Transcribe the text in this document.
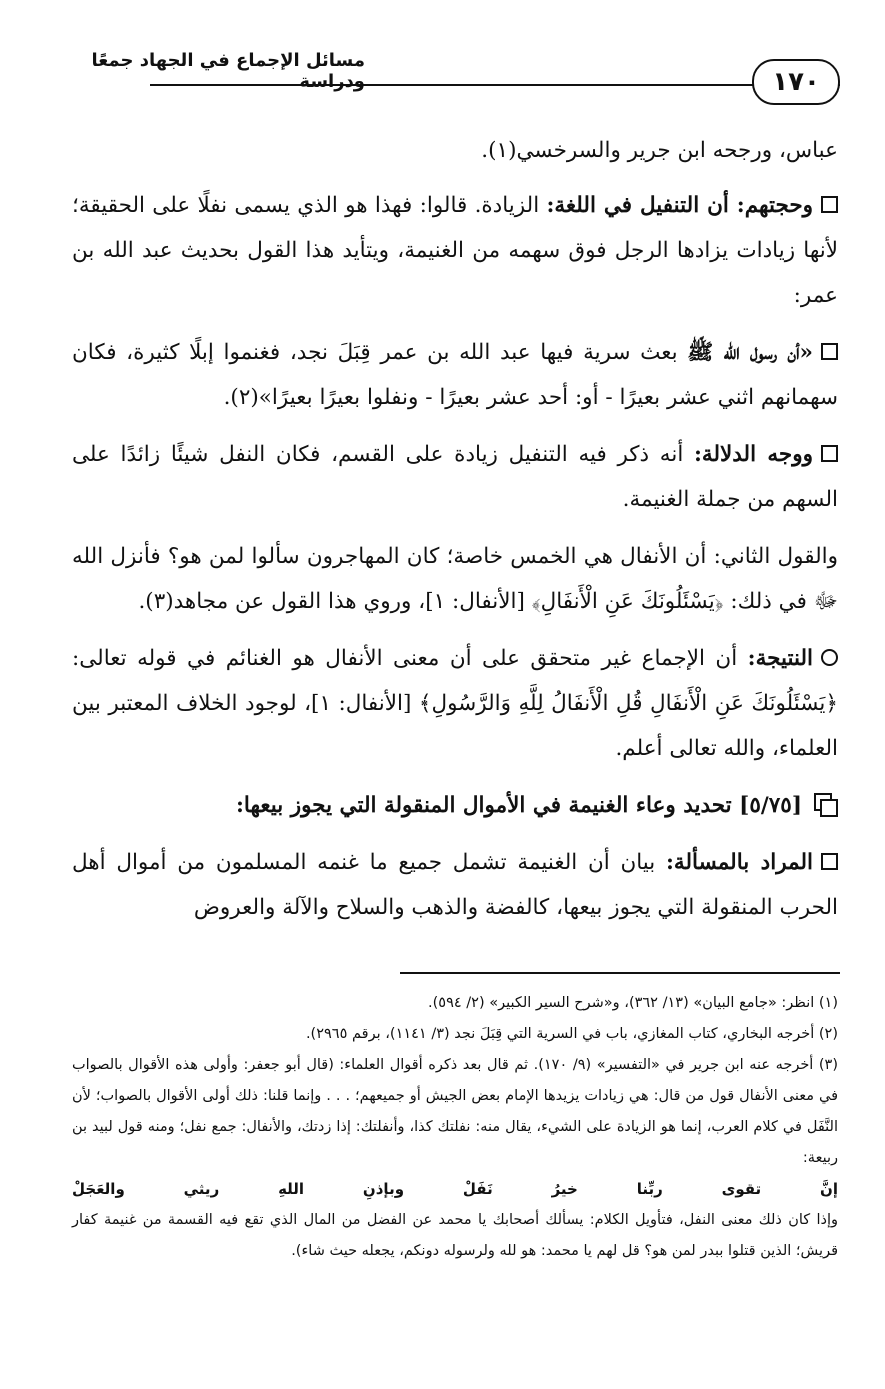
مسائل الإجماع في الجهاد جمعًا ودراسة	١٧٠

عباس، ورجحه ابن جرير والسرخسي(١).

وحجتهم: أن التنفيل في اللغة: الزيادة. قالوا: فهذا هو الذي يسمى نفلًا على الحقيقة؛ لأنها زيادات يزادها الرجل فوق سهمه من الغنيمة، ويتأيد هذا القول بحديث عبد الله بن عمر:

«أن رسول الله ﷺ بعث سرية فيها عبد الله بن عمر قِبَلَ نجد، فغنموا إبلًا كثيرة، فكان سهمانهم اثني عشر بعيرًا - أو: أحد عشر بعيرًا - ونفلوا بعيرًا بعيرًا»(٢).

ووجه الدلالة: أنه ذكر فيه التنفيل زيادة على القسم، فكان النفل شيئًا زائدًا على السهم من جملة الغنيمة.

والقول الثاني: أن الأنفال هي الخمس خاصة؛ كان المهاجرون سألوا لمن هو؟ فأنزل الله ﷻ في ذلك: ﴿يَسْئَلُونَكَ عَنِ الْأَنفَالِ﴾ [الأنفال: ١]، وروي هذا القول عن مجاهد(٣).

النتيجة: أن الإجماع غير متحقق على أن معنى الأنفال هو الغنائم في قوله تعالى: ﴿يَسْئَلُونَكَ عَنِ الْأَنفَالِ قُلِ الْأَنفَالُ لِلَّهِ وَالرَّسُولِ﴾ [الأنفال: ١]، لوجود الخلاف المعتبر بين العلماء، والله تعالى أعلم.

[٥/٧٥] تحديد وعاء الغنيمة في الأموال المنقولة التي يجوز بيعها:

المراد بالمسألة: بيان أن الغنيمة تشمل جميع ما غنمه المسلمون من أموال أهل الحرب المنقولة التي يجوز بيعها، كالفضة والذهب والسلاح والآلة والعروض

(١) انظر: «جامع البيان» (١٣/ ٣٦٢)، و«شرح السير الكبير» (٢/ ٥٩٤).

(٢) أخرجه البخاري، كتاب المغازي، باب في السرية التي قِبَلَ نجد (٣/ ١١٤١)، برقم ٢٩٦٥).

(٣) أخرجه عنه ابن جرير في «التفسير» (٩/ ١٧٠). ثم قال بعد ذكره أقوال العلماء: (قال أبو جعفر: وأولى هذه الأقوال بالصواب في معنى الأنفال قول من قال: هي زيادات يزيدها الإمام بعض الجيش أو جميعهم؛ . . . وإنما قلنا: ذلك أولى الأقوال بالصواب؛ لأن النَّفَل في كلام العرب، إنما هو الزيادة على الشيء، يقال منه: نفلتك كذا، وأنفلتك: إذا زدتك، والأنفال: جمع نفل؛ ومنه قول لبيد بن ربيعة:

إنَّ تقوى ربِّنا خيرُ نَفَلْ وبإذنِ اللهِ ريثي والعَجَلْ

وإذا كان ذلك معنى النفل، فتأويل الكلام: يسألك أصحابك يا محمد عن الفضل من المال الذي تقع فيه القسمة من غنيمة كفار قريش؛ الذين قتلوا ببدر لمن هو؟ قل لهم يا محمد: هو لله ولرسوله دونكم، يجعله حيث شاء).
